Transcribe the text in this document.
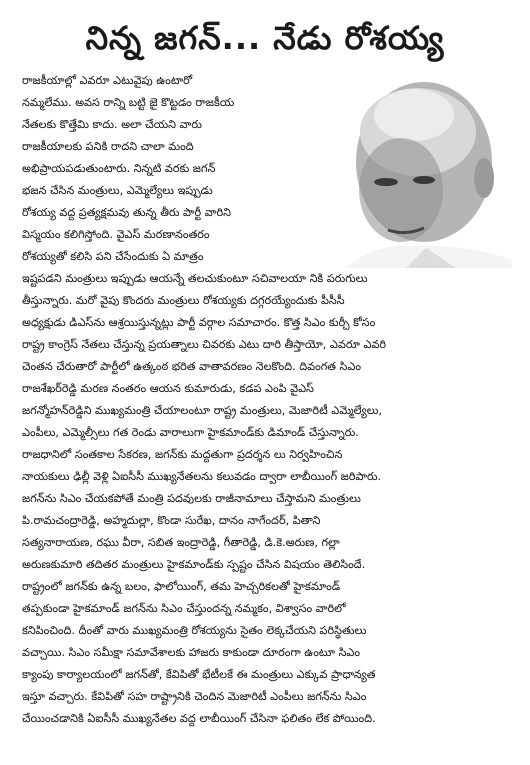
నిన్న జగన్... నేడు రోశయ్య
రాజకీయాల్లో ఎవరూ ఎటువైపు ఉంటారో
నమ్మలేము. అవస రాన్ని బట్టి జై కొట్టడం రాజకీయ
నేతలకు కొత్తేమి కాదు. అలా చేయని వారు
రాజకీయాలకు పనికి రాదని చాలా మంది
అభిప్రాయపడుతుంటారు. నిన్నటి వరకు జగన్
భజన చేసిన మంత్రులు, ఎమ్మెల్యేలు ఇప్పుడు
రోశయ్య వద్ద ప్రత్యక్షమవు తున్న తీరు పార్టీ వారిని
విస్మయం కలిగిస్తోంది. వైఎస్ మరణానంతరం
రోశయ్యతో కలిసి పని చేసేందుకు ఏ మాత్రం
ఇష్టపడని మంత్రులు ఇప్పుడు ఆయన్నే తలచుకుంటూ సచివాలయా నికి పరుగులు
తీస్తున్నారు. మరో వైపు కొందరు మంత్రులు రోశయ్యకు దగ్గరయ్యేందుకు పీసీసీ
అధ్యక్షుడు డిఎస్‌ను ఆశ్రయిస్తున్నట్లు పార్టీ వర్గాల సమాచారం. కొత్త సిఎం కుర్చీ కోసం
రాష్ట్ర కాంగ్రెస్ నేతలు చేస్తున్న ప్రయత్నాలు చివరకు ఎటు దారి తీస్తాయో, ఎవరూ ఎవరి
చెంతన చేరుతారో పార్టీలో ఉత్కంఠ భరిత వాతావరణం నెలకొంది. దివంగత సిఎం
రాజశేఖర్‌రెడ్డి మరణ నంతరం ఆయన కుమారుడు, కడప ఎంపి వైఎస్
జగన్మోహన్‌రెడ్డిని ముఖ్యమంత్రి చేయాలంటూ రాష్ట్ర మంత్రులు, మెజారిటీ ఎమ్మెల్యేలు,
ఎంపీలు, ఎమ్మెల్సీలు గత రెండు వారాలుగా హైకమాండ్‌కు డిమాండ్ చేస్తున్నారు.
రాజధానిలో సంతకాల సేకరణ, జగన్‌కు మద్దతుగా ప్రదర్శన లు నిర్వహించిన
నాయకులు ఢిల్లీ వెళ్లి ఏఐసీసీ ముఖ్యనేతలను కలువడం ద్వారా లాబీయింగ్ జరిపారు.
జగన్‌ను సిఎం చేయకపోతే మంత్రి పదవులకు రాజీనామాలు చేస్తామని మంత్రులు
పి.రామచంద్రారెడ్డి, అహ్మదుల్లా, కొండా సురేఖ, దానం నాగేందర్, పితాని
సత్యనారాయణ, రఘు వీరా, సబిత ఇంద్రారెడ్డి, గీతారెడ్డి, డి.కె.అరుణ, గల్లా
అరుణకుమారి తదితర మంత్రులు హైకమాండ్‌కు స్పష్టం చేసిన విషయం తెలిసిందే.
రాష్ట్రంలో జగన్‌కు ఉన్న బలం, ఫాలోయింగ్, తమ హెచ్చరికలతో హైకమాండ్
తప్పకుండా హైకమాండ్ జగన్‌ను సిఎం చేస్తుందన్న నమ్మకం, విశ్వాసం వారిలో
కనిపించింది. దీంతో వారు ముఖ్యమంత్రి రోశయ్యను సైతం లెక్కచేయని పరిస్థితులు
వచ్చాయి. సిఎం సమీక్షా సమావేశాలకు హాజరు కాకుండా దూరంగా ఉంటూ సిఎం
క్యాంపు కార్యాలయంలో జగన్‌తో, కేవిపితో భేటీలకే ఈ మంత్రులు ఎక్కువ ప్రాధాన్యత
ఇస్తూ వచ్చారు. కేవిపితో సహ రాష్ట్రానికి చెందిన మెజారిటీ ఎంపీలు జగన్‌ను సిఎం
చేయించడానికి ఏఐసీసీ ముఖ్యనేతల వద్ద లాబీయింగ్ చేసినా ఫలితం లేక పోయింది.
